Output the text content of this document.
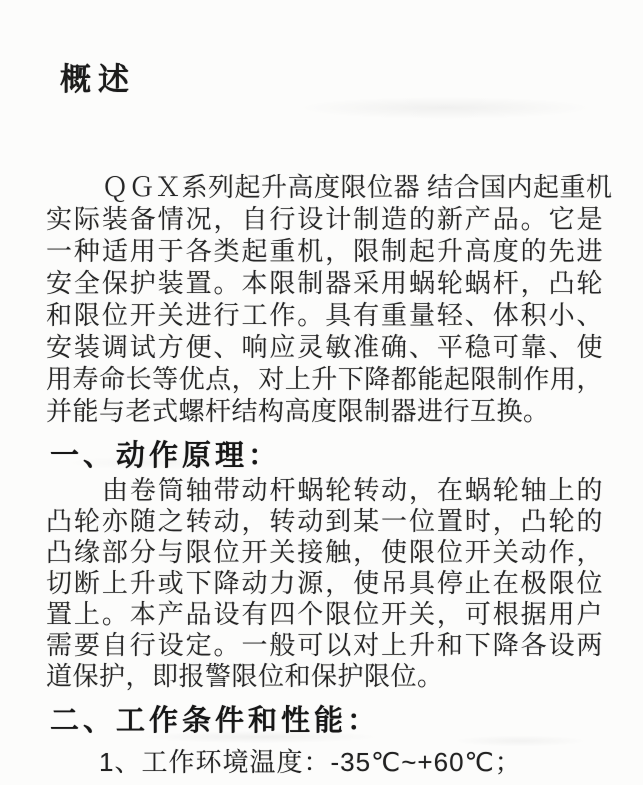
概述
ＱＧＸ系列起升高度限位器 结合国内起重机
实际装备情况，自行设计制造的新产品。它是
一种适用于各类起重机，限制起升高度的先进
安全保护装置。本限制器采用蜗轮蜗杆，凸轮
和限位开关进行工作。具有重量轻、体积小、
安装调试方便、响应灵敏准确、平稳可靠、使
用寿命长等优点，对上升下降都能起限制作用，
并能与老式螺杆结构高度限制器进行互换。
一、动作原理：
由卷筒轴带动杆蜗轮转动，在蜗轮轴上的
凸轮亦随之转动，转动到某一位置时，凸轮的
凸缘部分与限位开关接触，使限位开关动作，
切断上升或下降动力源，使吊具停止在极限位
置上。本产品设有四个限位开关，可根据用户
需要自行设定。一般可以对上升和下降各设两
道保护，即报警限位和保护限位。
二、工作条件和性能：
1、工作环境温度：-35℃~+60℃；
